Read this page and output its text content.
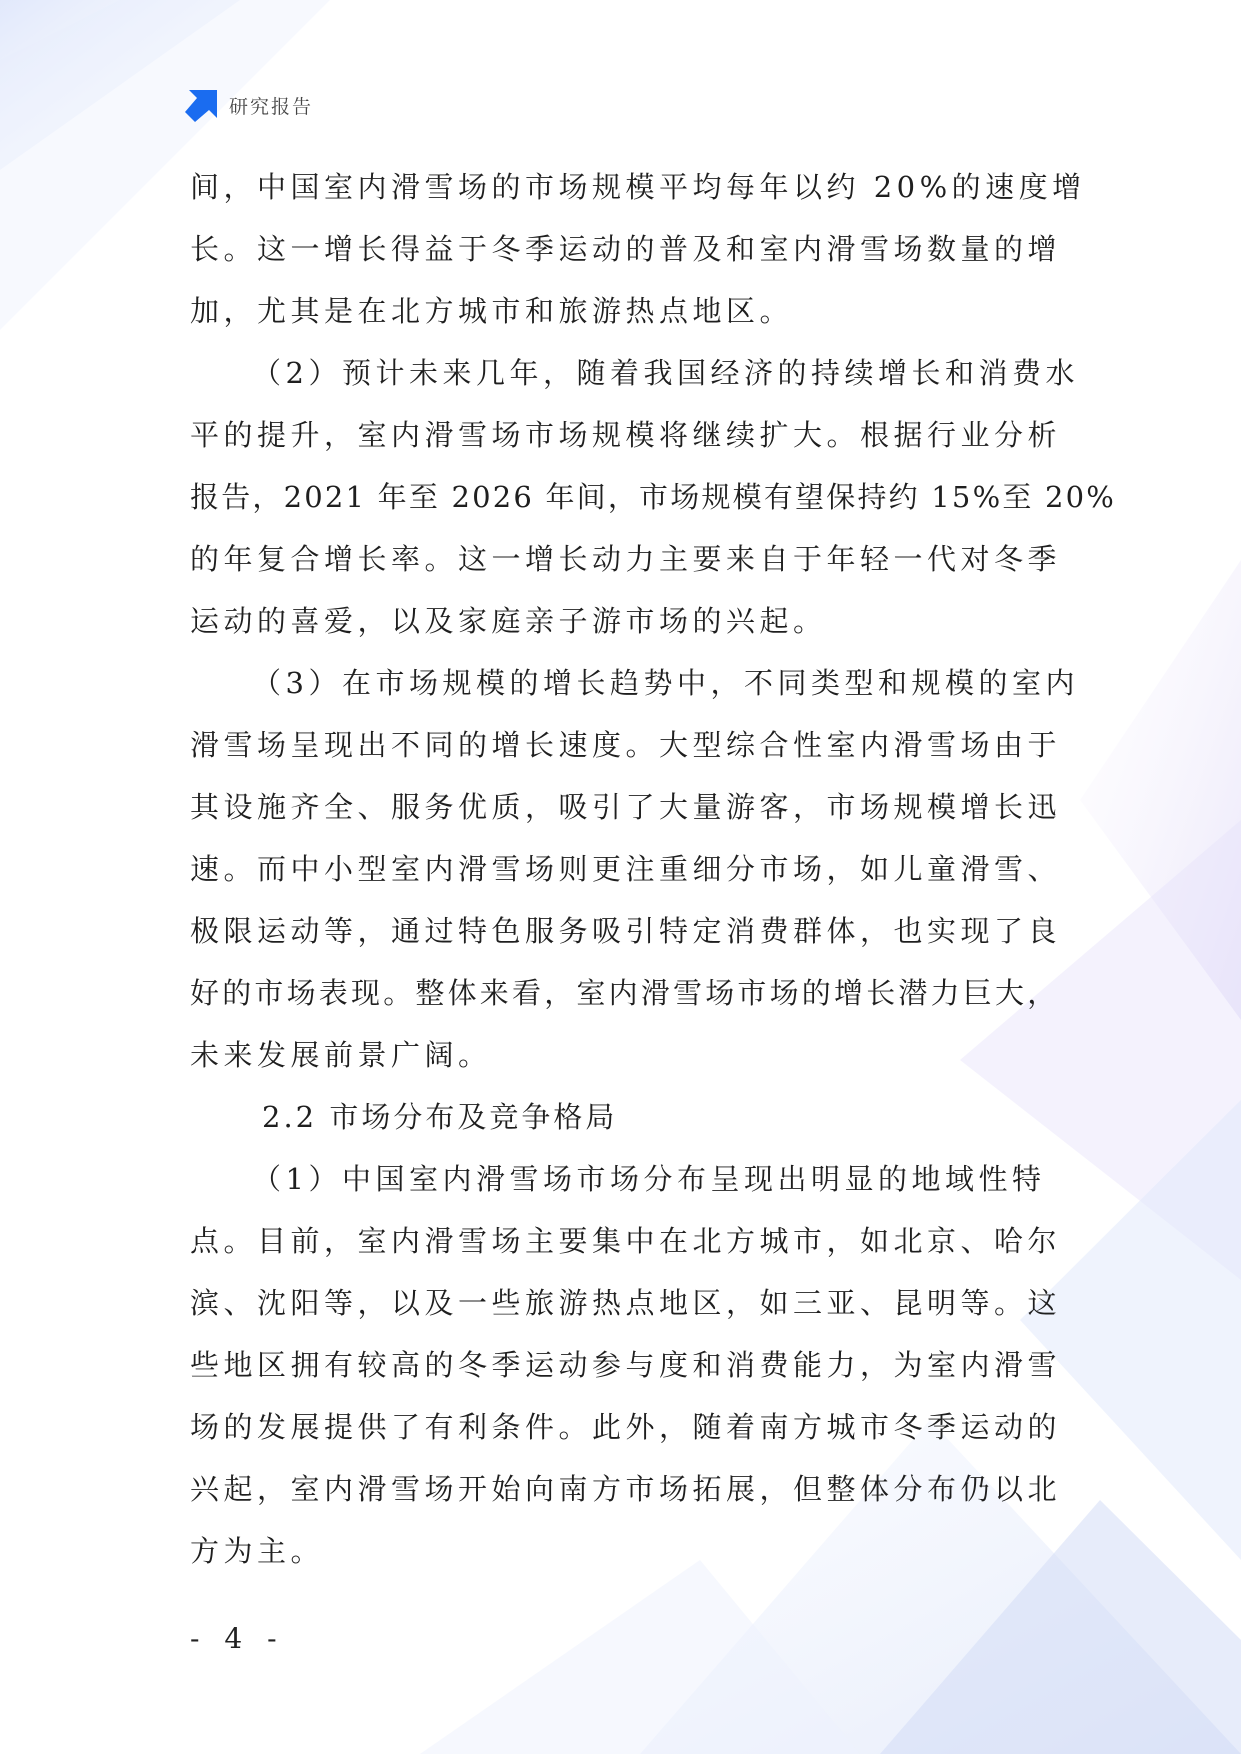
研究报告
间，中国室内滑雪场的市场规模平均每年以约 20%的速度增
长。这一增长得益于冬季运动的普及和室内滑雪场数量的增
加，尤其是在北方城市和旅游热点地区。
（2）预计未来几年，随着我国经济的持续增长和消费水
平的提升，室内滑雪场市场规模将继续扩大。根据行业分析
报告，2021 年至 2026 年间，市场规模有望保持约 15%至 20%
的年复合增长率。这一增长动力主要来自于年轻一代对冬季
运动的喜爱，以及家庭亲子游市场的兴起。
（3）在市场规模的增长趋势中，不同类型和规模的室内
滑雪场呈现出不同的增长速度。大型综合性室内滑雪场由于
其设施齐全、服务优质，吸引了大量游客，市场规模增长迅
速。而中小型室内滑雪场则更注重细分市场，如儿童滑雪、
极限运动等，通过特色服务吸引特定消费群体，也实现了良
好的市场表现。整体来看，室内滑雪场市场的增长潜力巨大，
未来发展前景广阔。
2.2 市场分布及竞争格局
（1）中国室内滑雪场市场分布呈现出明显的地域性特
点。目前，室内滑雪场主要集中在北方城市，如北京、哈尔
滨、沈阳等，以及一些旅游热点地区，如三亚、昆明等。这
些地区拥有较高的冬季运动参与度和消费能力，为室内滑雪
场的发展提供了有利条件。此外，随着南方城市冬季运动的
兴起，室内滑雪场开始向南方市场拓展，但整体分布仍以北
方为主。
- 4 -
